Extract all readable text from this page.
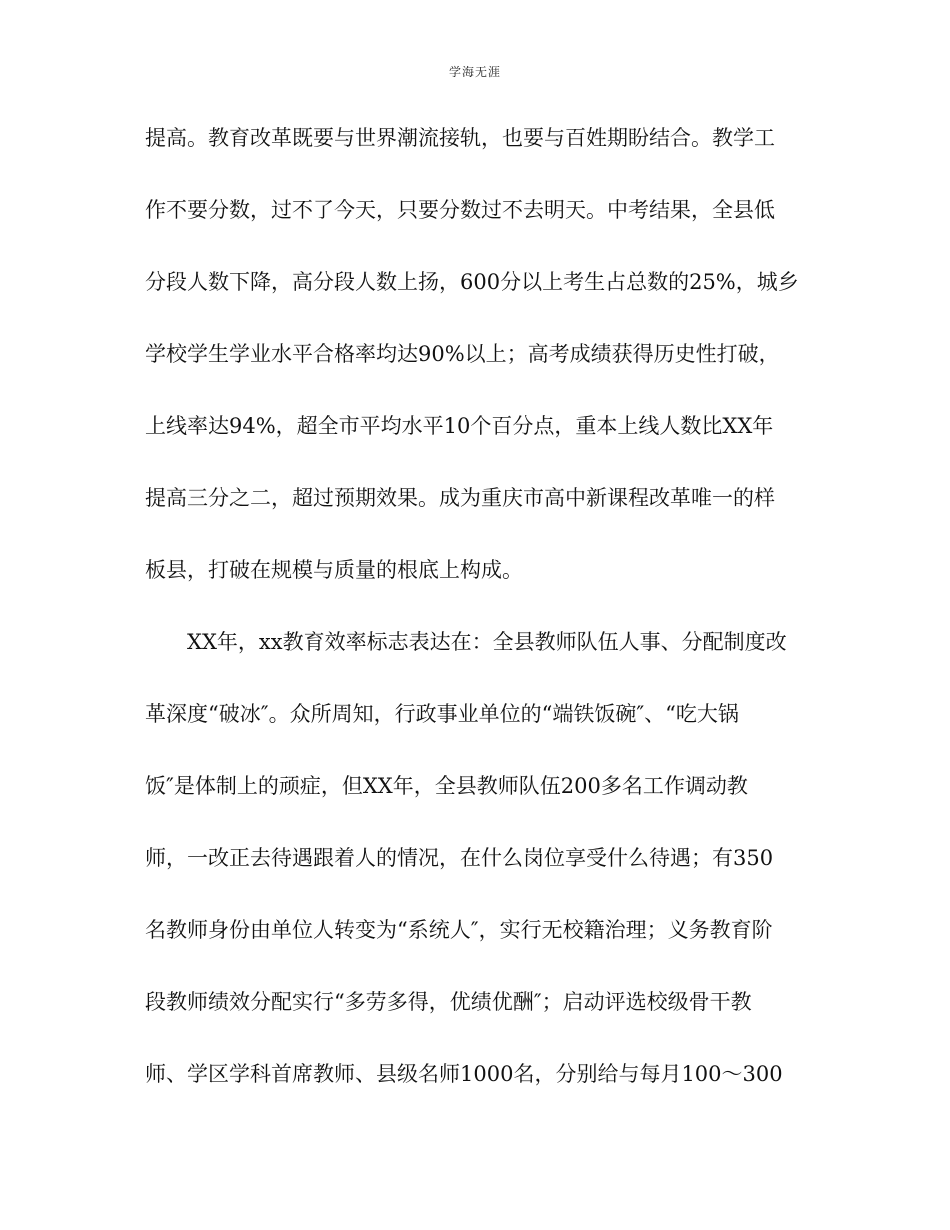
学海无涯
提高。教育改革既要与世界潮流接轨，也要与百姓期盼结合。教学工
作不要分数，过不了今天，只要分数过不去明天。中考结果，全县低
分段人数下降，高分段人数上扬，600分以上考生占总数的25%，城乡
学校学生学业水平合格率均达90%以上；高考成绩获得历史性打破，
上线率达94%，超全市平均水平10个百分点，重本上线人数比XX年
提高三分之二，超过预期效果。成为重庆市高中新课程改革唯一的样
板县，打破在规模与质量的根底上构成。
XX年，xx教育效率标志表达在：全县教师队伍人事、分配制度改
革深度“破冰″。众所周知，行政事业单位的“端铁饭碗″、“吃大锅
饭″是体制上的顽症，但XX年，全县教师队伍200多名工作调动教
师，一改正去待遇跟着人的情况，在什么岗位享受什么待遇；有350
名教师身份由单位人转变为“系统人″，实行无校籍治理；义务教育阶
段教师绩效分配实行“多劳多得，优绩优酬″；启动评选校级骨干教
师、学区学科首席教师、县级名师1000名，分别给与每月100～300
